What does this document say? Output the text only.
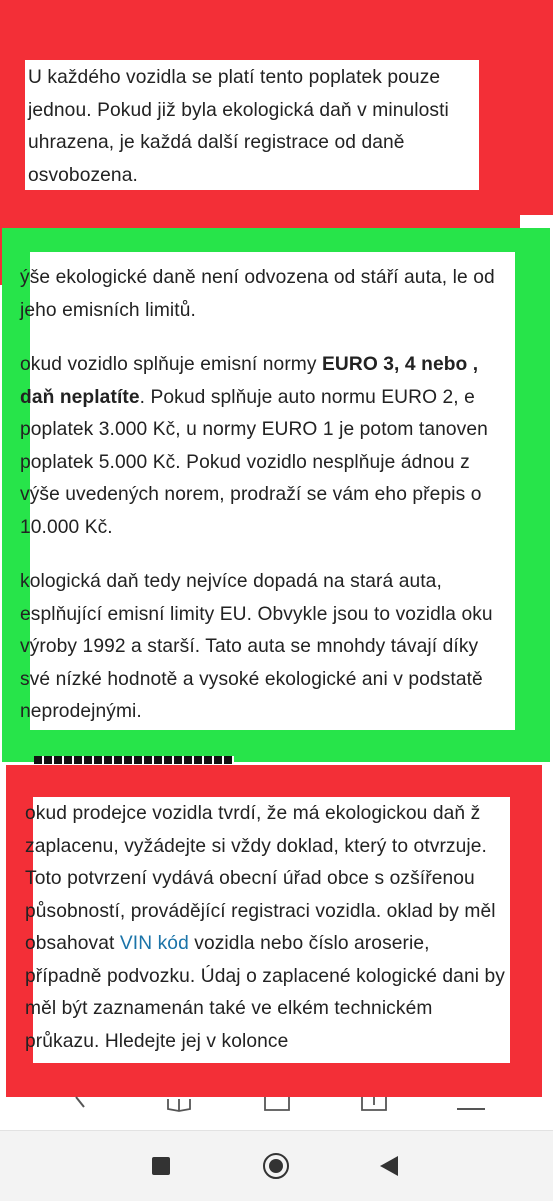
U každého vozidla se platí tento poplatek pouze jednou. Pokud již byla ekologická daň v minulosti uhrazena, je každá další registrace od daně osvobozena.

ýše ekologické daně není odvozena od stáří auta, le od jeho emisních limitů.

okud vozidlo splňuje emisní normy EURO 3, 4 nebo , daň neplatíte. Pokud splňuje auto normu EURO 2, e poplatek 3.000 Kč, u normy EURO 1 je potom tanoven poplatek 5.000 Kč. Pokud vozidlo nesplňuje ádnou z výše uvedených norem, prodraží se vám eho přepis o 10.000 Kč.

kologická daň tedy nejvíce dopadá na stará auta, esplňující emisní limity EU. Obvykle jsou to vozidla oku výroby 1992 a starší. Tato auta se mnohdy távají díky své nízké hodnotě a vysoké ekologické ani v podstatě neprodejnými.

okud prodejce vozidla tvrdí, že má ekologickou daň ž zaplacenu, vyžádejte si vždy doklad, který to otvrzuje. Toto potvrzení vydává obecní úřad obce s ozšířenou působností, provádějící registraci vozidla. oklad by měl obsahovat VIN kód vozidla nebo číslo aroserie, případně podvozku. Údaj o zaplacené kologické dani by měl být zaznamenán také ve elkém technickém průkazu. Hledejte jej v kolonce
